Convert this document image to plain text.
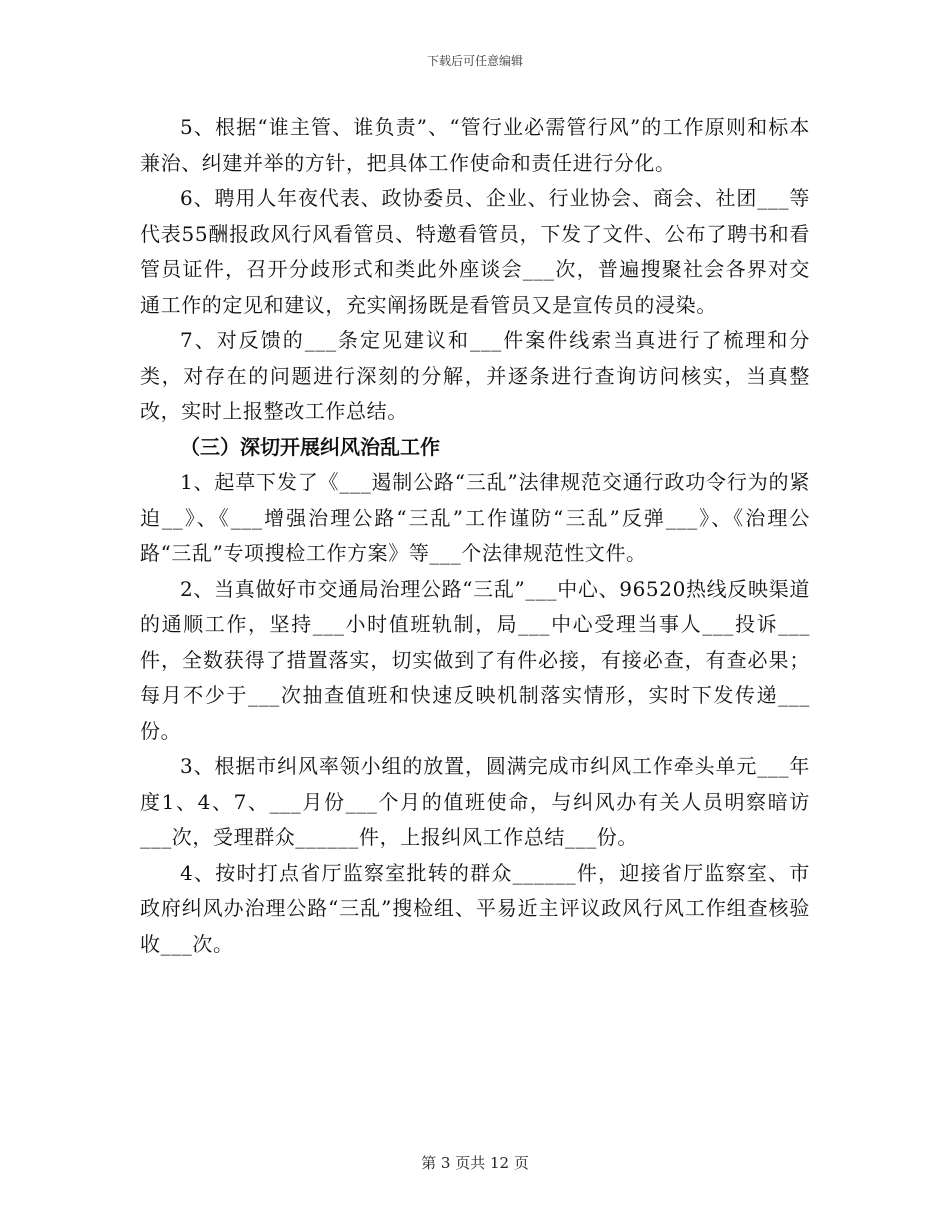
下载后可任意编辑

5、根据“谁主管、谁负责”、“管行业必需管行风”的工作原则和标本兼治、纠建并举的方针，把具体工作使命和责任进行分化。

6、聘用人年夜代表、政协委员、企业、行业协会、商会、社团___等代表55酬报政风行风看管员、特邀看管员，下发了文件、公布了聘书和看管员证件，召开分歧形式和类此外座谈会___次，普遍搜聚社会各界对交通工作的定见和建议，充实阐扬既是看管员又是宣传员的浸染。

7、对反馈的___条定见建议和___件案件线索当真进行了梳理和分类，对存在的问题进行深刻的分解，并逐条进行查询访问核实，当真整改，实时上报整改工作总结。

（三）深切开展纠风治乱工作

1、起草下发了《___遏制公路“三乱”法律规范交通行政功令行为的紧迫__》、《___增强治理公路“三乱”工作谨防“三乱”反弹___》、《治理公路“三乱”专项搜检工作方案》等___个法律规范性文件。

2、当真做好市交通局治理公路“三乱”___中心、96520热线反映渠道的通顺工作，坚持___小时值班轨制，局___中心受理当事人___投诉___件，全数获得了措置落实，切实做到了有件必接，有接必查，有查必果；每月不少于___次抽查值班和快速反映机制落实情形，实时下发传递___份。

3、根据市纠风率领小组的放置，圆满完成市纠风工作牵头单元___年度1、4、7、___月份___个月的值班使命，与纠风办有关人员明察暗访___次，受理群众______件，上报纠风工作总结___份。

4、按时打点省厅监察室批转的群众______件，迎接省厅监察室、市政府纠风办治理公路“三乱”搜检组、平易近主评议政风行风工作组查核验收___次。

第 3 页共 12 页
